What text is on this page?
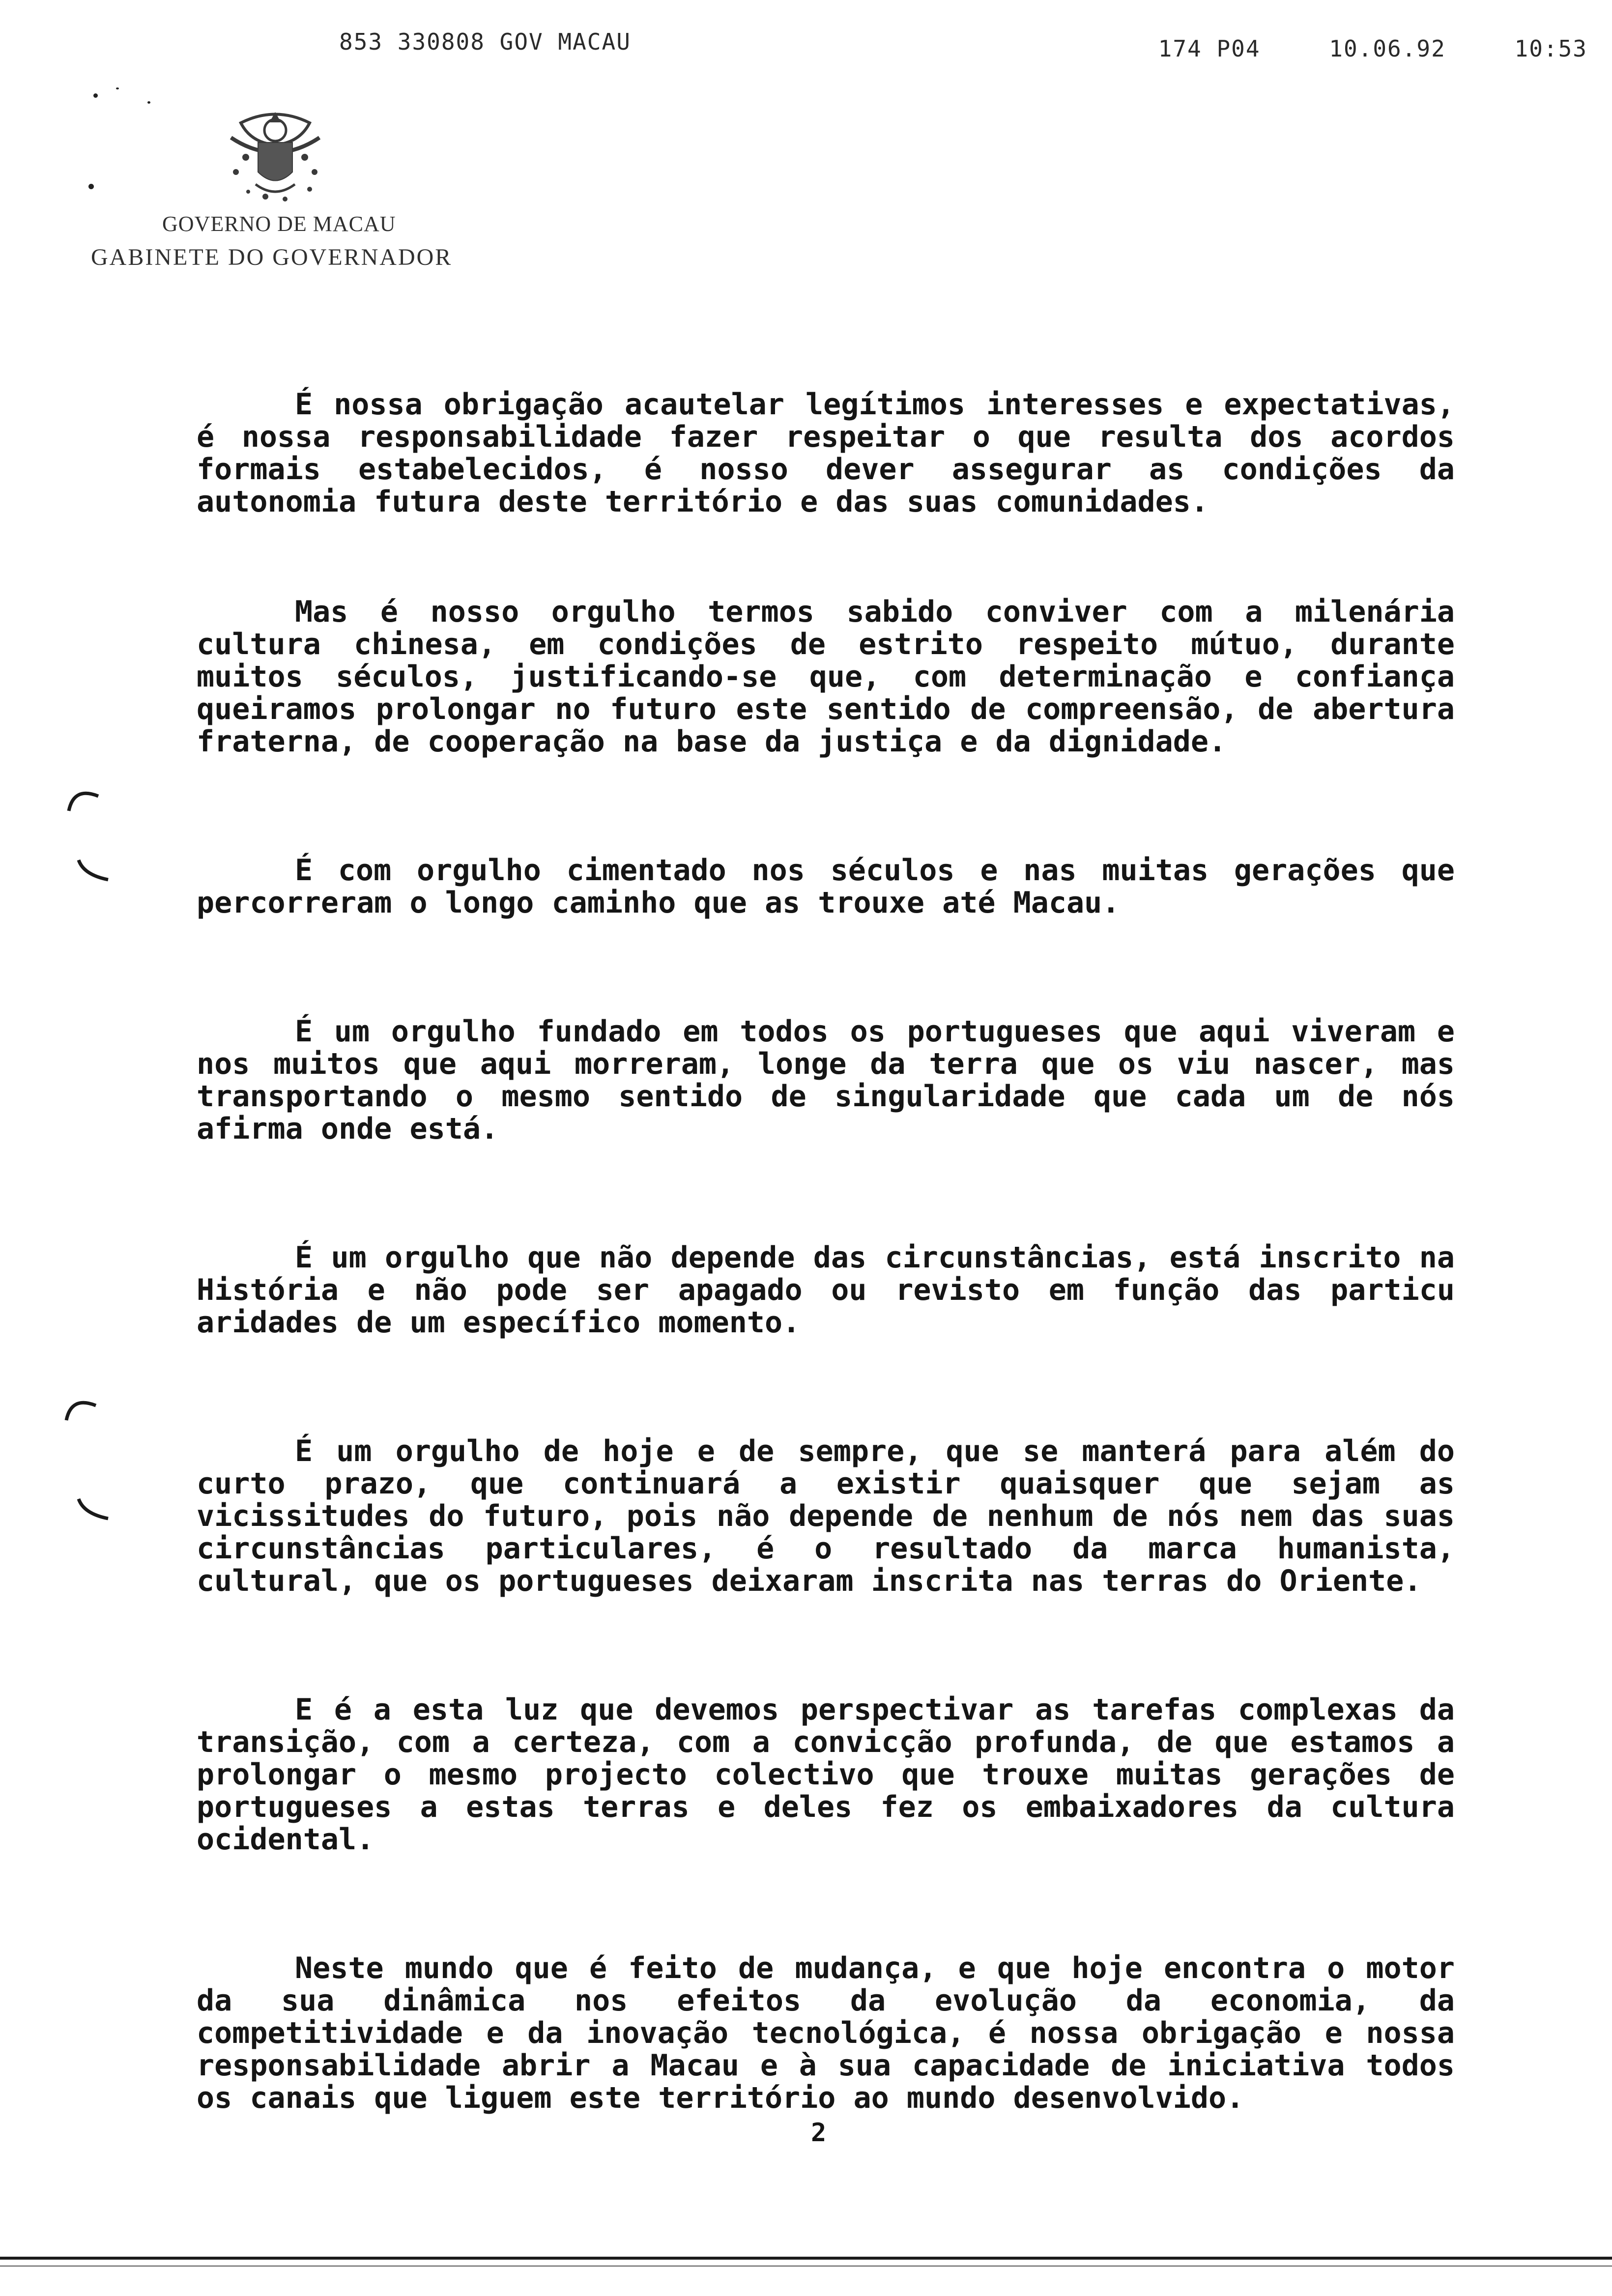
853 330808 GOV MACAU	174 P04	10.06.92	10:53
GOVERNO DE MACAU
GABINETE DO GOVERNADOR

É nossa obrigação acautelar legítimos interesses e expectativas, é nossa responsabilidade fazer respeitar o que resulta dos acordos formais estabelecidos, é nosso dever assegurar as condições da autonomia futura deste território e das suas comunidades.

Mas é nosso orgulho termos sabido conviver com a milenária cultura chinesa, em condições de estrito respeito mútuo, durante muitos séculos, justificando-se que, com determinação e confiança queiramos prolongar no futuro este sentido de compreensão, de abertura fraterna, de cooperação na base da justiça e da dignidade.

É com orgulho cimentado nos séculos e nas muitas gerações que percorreram o longo caminho que as trouxe até Macau.

É um orgulho fundado em todos os portugueses que aqui viveram e nos muitos que aqui morreram, longe da terra que os viu nascer, mas transportando o mesmo sentido de singularidade que cada um de nós afirma onde está.

É um orgulho que não depende das circunstâncias, está inscrito na História e não pode ser apagado ou revisto em função das particu aridades de um específico momento.

É um orgulho de hoje e de sempre, que se manterá para além do curto prazo, que continuará a existir quaisquer que sejam as vicissitudes do futuro, pois não depende de nenhum de nós nem das suas circunstâncias particulares, é o resultado da marca humanista, cultural, que os portugueses deixaram inscrita nas terras do Oriente.

E é a esta luz que devemos perspectivar as tarefas complexas da transição, com a certeza, com a convicção profunda, de que estamos a prolongar o mesmo projecto colectivo que trouxe muitas gerações de portugueses a estas terras e deles fez os embaixadores da cultura ocidental.

Neste mundo que é feito de mudança, e que hoje encontra o motor da sua dinâmica nos efeitos da evolução da economia, da competitividade e da inovação tecnológica, é nossa obrigação e nossa responsabilidade abrir a Macau e à sua capacidade de iniciativa todos os canais que liguem este território ao mundo desenvolvido.

2
